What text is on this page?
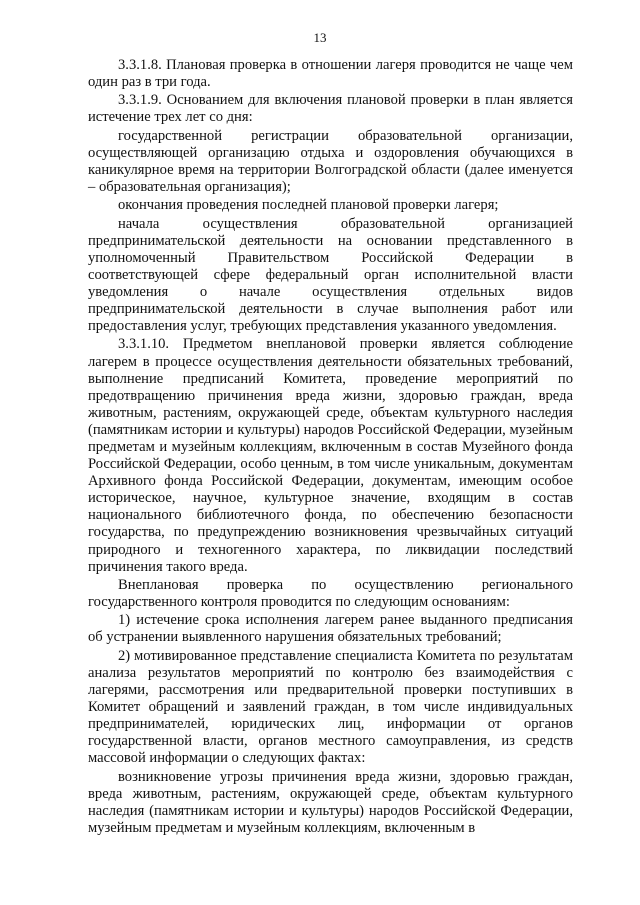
13

3.3.1.8. Плановая проверка в отношении лагеря проводится не чаще чем один раз в три года.

3.3.1.9. Основанием для включения плановой проверки в план является истечение трех лет со дня:

государственной регистрации образовательной организации, осуществляющей организацию отдыха и оздоровления обучающихся в каникулярное время на территории Волгоградской области (далее именуется – образовательная организация);

окончания проведения последней плановой проверки лагеря;

начала осуществления образовательной организацией предпринимательской деятельности на основании представленного в уполномоченный Правительством Российской Федерации в соответствующей сфере федеральный орган исполнительной власти уведомления о начале осуществления отдельных видов предпринимательской деятельности в случае выполнения работ или предоставления услуг, требующих представления указанного уведомления.

3.3.1.10. Предметом внеплановой проверки является соблюдение лагерем в процессе осуществления деятельности обязательных требований, выполнение предписаний Комитета, проведение мероприятий по предотвращению причинения вреда жизни, здоровью граждан, вреда животным, растениям, окружающей среде, объектам культурного наследия (памятникам истории и культуры) народов Российской Федерации, музейным предметам и музейным коллекциям, включенным в состав Музейного фонда Российской Федерации, особо ценным, в том числе уникальным, документам Архивного фонда Российской Федерации, документам, имеющим особое историческое, научное, культурное значение, входящим в состав национального библиотечного фонда, по обеспечению безопасности государства, по предупреждению возникновения чрезвычайных ситуаций природного и техногенного характера, по ликвидации последствий причинения такого вреда.

Внеплановая проверка по осуществлению регионального государственного контроля проводится по следующим основаниям:

1) истечение срока исполнения лагерем ранее выданного предписания об устранении выявленного нарушения обязательных требований;

2) мотивированное представление специалиста Комитета по результатам анализа результатов мероприятий по контролю без взаимодействия с лагерями, рассмотрения или предварительной проверки поступивших в Комитет обращений и заявлений граждан, в том числе индивидуальных предпринимателей, юридических лиц, информации от органов государственной власти, органов местного самоуправления, из средств массовой информации о следующих фактах:

возникновение угрозы причинения вреда жизни, здоровью граждан, вреда животным, растениям, окружающей среде, объектам культурного наследия (памятникам истории и культуры) народов Российской Федерации, музейным предметам и музейным коллекциям, включенным в
